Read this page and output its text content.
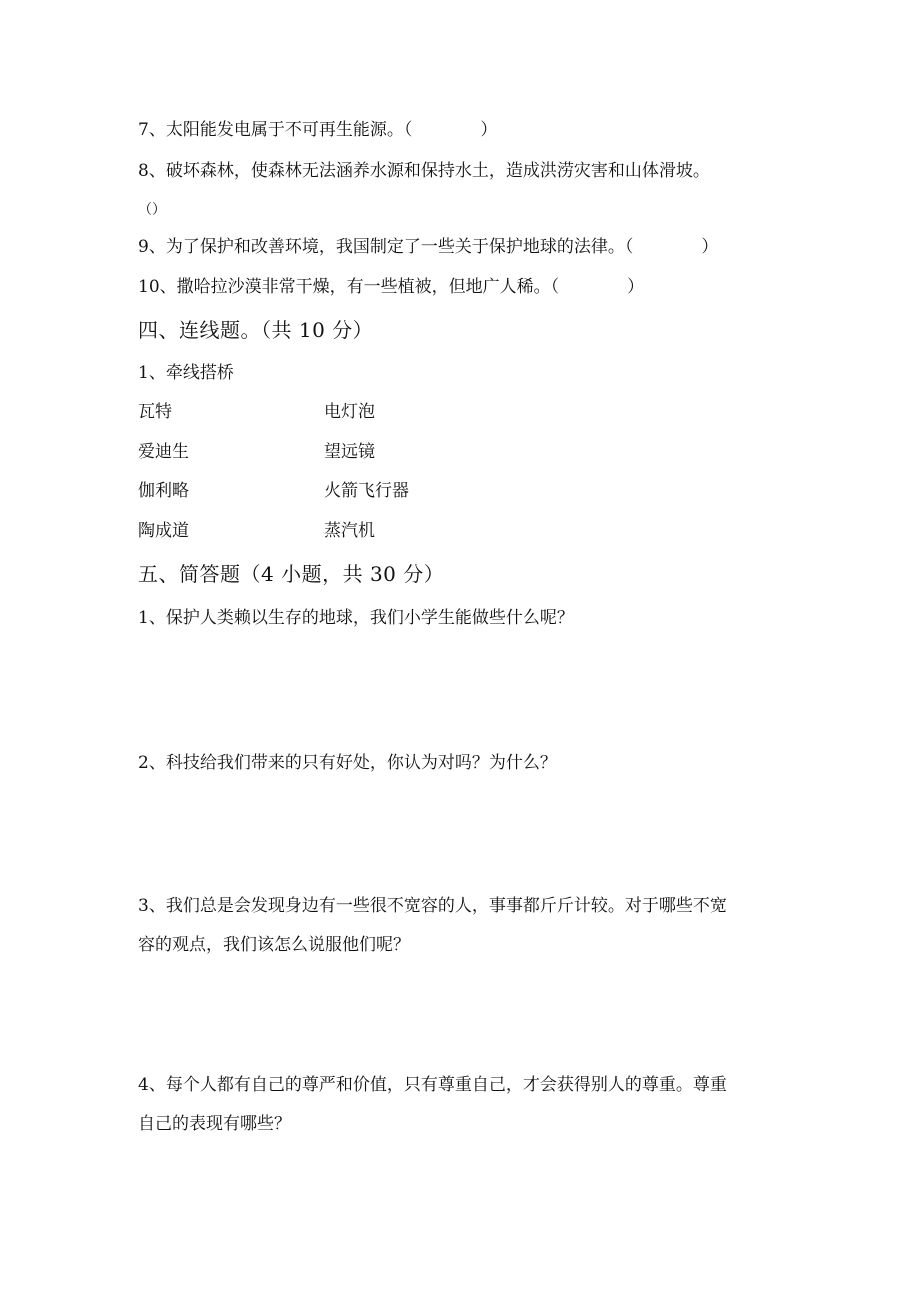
7、太阳能发电属于不可再生能源。（　　　　）
8、破坏森林，使森林无法涵养水源和保持水土，造成洪涝灾害和山体滑坡。
（）
9、为了保护和改善环境，我国制定了一些关于保护地球的法律。（　　　　）
10、撒哈拉沙漠非常干燥，有一些植被，但地广人稀。（　　　　）
四、连线题。（共 10 分）
1、牵线搭桥
瓦特	电灯泡
爱迪生	望远镜
伽利略	火箭飞行器
陶成道	蒸汽机
五、简答题（4 小题，共 30 分）
1、保护人类赖以生存的地球，我们小学生能做些什么呢？
2、科技给我们带来的只有好处，你认为对吗？为什么？
3、我们总是会发现身边有一些很不宽容的人，事事都斤斤计较。对于哪些不宽
容的观点，我们该怎么说服他们呢？
4、每个人都有自己的尊严和价值，只有尊重自己，才会获得别人的尊重。尊重
自己的表现有哪些？
